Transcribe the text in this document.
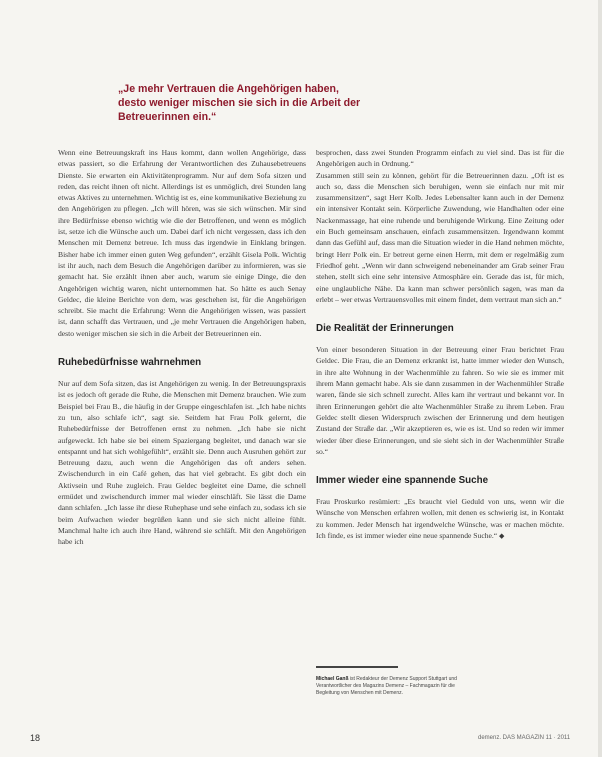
„Je mehr Vertrauen die Angehörigen haben,

desto weniger mischen sie sich in die Arbeit der

Betreuerinnen ein.“

Wenn eine Betreuungskraft ins Haus kommt, dann wollen Angehörige, dass etwas passiert, so die Erfahrung der Verantwortlichen des Zuhausebetreuens Dienste. Sie erwarten ein Aktivitätenprogramm. Nur auf dem Sofa sitzen und reden, das reicht ihnen oft nicht. Allerdings ist es unmöglich, drei Stunden lang etwas Aktives zu unternehmen. Wichtig ist es, eine kommunikative Beziehung zu den Angehörigen zu pflegen. „Ich will hören, was sie sich wünschen. Mir sind ihre Bedürfnisse ebenso wichtig wie die der Betroffenen, und wenn es möglich ist, setze ich die Wünsche auch um. Dabei darf ich nicht vergessen, dass ich den Menschen mit Demenz betreue. Ich muss das irgendwie in Einklang bringen. Bisher habe ich immer einen guten Weg gefunden“, erzählt Gisela Polk. Wichtig ist ihr auch, nach dem Besuch die Angehörigen darüber zu informieren, was sie gemacht hat. Sie erzählt ihnen aber auch, warum sie einige Dinge, die den Angehörigen wichtig waren, nicht unternommen hat. So hätte es auch Senay Geldec, die kleine Berichte von dem, was geschehen ist, für die Angehörigen schreibt. Sie macht die Erfahrung: Wenn die Angehörigen wissen, was passiert ist, dann schafft das Vertrauen, und „je mehr Vertrauen die Angehörigen haben, desto weniger mischen sie sich in die Arbeit der Betreuerinnen ein.

Ruhebedürfnisse wahrnehmen

Nur auf dem Sofa sitzen, das ist Angehörigen zu wenig. In der Betreuungspraxis ist es jedoch oft gerade die Ruhe, die Menschen mit Demenz brauchen. Wie zum Beispiel bei Frau B., die häufig in der Gruppe eingeschlafen ist. „Ich habe nichts zu tun, also schlafe ich“, sagt sie. Seitdem hat Frau Polk gelernt, die Ruhebedürfnisse der Betroffenen ernst zu nehmen. „Ich habe sie nicht aufgeweckt. Ich habe sie bei einem Spaziergang begleitet, und danach war sie entspannt und hat sich wohlgefühlt“, erzählt sie. Denn auch Ausruhen gehört zur Betreuung dazu, auch wenn die Angehörigen das oft anders sehen. Zwischendurch in ein Café gehen, das hat viel gebracht. Es gibt doch ein Aktivsein und Ruhe zugleich. Frau Geldec begleitet eine Dame, die schnell ermüdet und zwischendurch immer mal wieder einschläft. Sie lässt die Dame dann schlafen. „Ich lasse ihr diese Ruhephase und sehe einfach zu, sodass ich sie beim Aufwachen wieder begrüßen kann und sie sich nicht alleine fühlt. Manchmal halte ich auch ihre Hand, während sie schläft. Mit den Angehörigen habe ich

besprochen, dass zwei Stunden Programm einfach zu viel sind. Das ist für die Angehörigen auch in Ordnung.“

Zusammen still sein zu können, gehört für die Betreuerinnen dazu. „Oft ist es auch so, dass die Menschen sich beruhigen, wenn sie einfach nur mit mir zusammensitzen“, sagt Herr Kolb. Jedes Lebensalter kann auch in der Demenz ein intensiver Kontakt sein. Körperliche Zuwendung, wie Handhalten oder eine Nackenmassage, hat eine ruhende und beruhigende Wirkung. Eine Zeitung oder ein Buch gemeinsam anschauen, einfach zusammensitzen. Irgendwann kommt dann das Gefühl auf, dass man die Situation wieder in die Hand nehmen möchte, bringt Herr Polk ein. Er betreut gerne einen Herrn, mit dem er regelmäßig zum Friedhof geht. „Wenn wir dann schweigend nebeneinander am Grab seiner Frau stehen, stellt sich eine sehr intensive Atmosphäre ein. Gerade das ist, für mich, eine unglaubliche Nähe. Da kann man schwer persönlich sagen, was man da erlebt – wer etwas Vertrauensvolles mit einem findet, dem vertraut man sich an.“

Die Realität der Erinnerungen

Von einer besonderen Situation in der Betreuung einer Frau berichtet Frau Geldec. Die Frau, die an Demenz erkrankt ist, hatte immer wieder den Wunsch, in ihre alte Wohnung in der Wachenmühle zu fahren. So wie sie es immer mit ihrem Mann gemacht habe. Als sie dann zusammen in der Wachenmühler Straße waren, fände sie sich schnell zurecht. Alles kam ihr vertraut und bekannt vor. In ihren Erinnerungen gehört die alte Wachenmühler Straße zu ihrem Leben. Frau Geldec stellt diesen Widerspruch zwischen der Erinnerung und dem heutigen Zustand der Straße dar. „Wir akzeptieren es, wie es ist. Und so reden wir immer wieder über diese Erinnerungen, und sie sieht sich in der Wachenmühler Straße so.“

Immer wieder eine spannende Suche

Frau Proskurko resümiert: „Es braucht viel Geduld von uns, wenn wir die Wünsche von Menschen erfahren wollen, mit denen es schwierig ist, in Kontakt zu kommen. Jeder Mensch hat irgendwelche Wünsche, was er machen möchte. Ich finde, es ist immer wieder eine neue spannende Suche.“ ◆

Michael Ganß ist Redakteur der Demenz Support Stuttgart und Verantwortlicher des Magazins Demenz – Fachmagazin für die Begleitung von Menschen mit Demenz.
18	demenz. DAS MAGAZIN 11 · 2011
